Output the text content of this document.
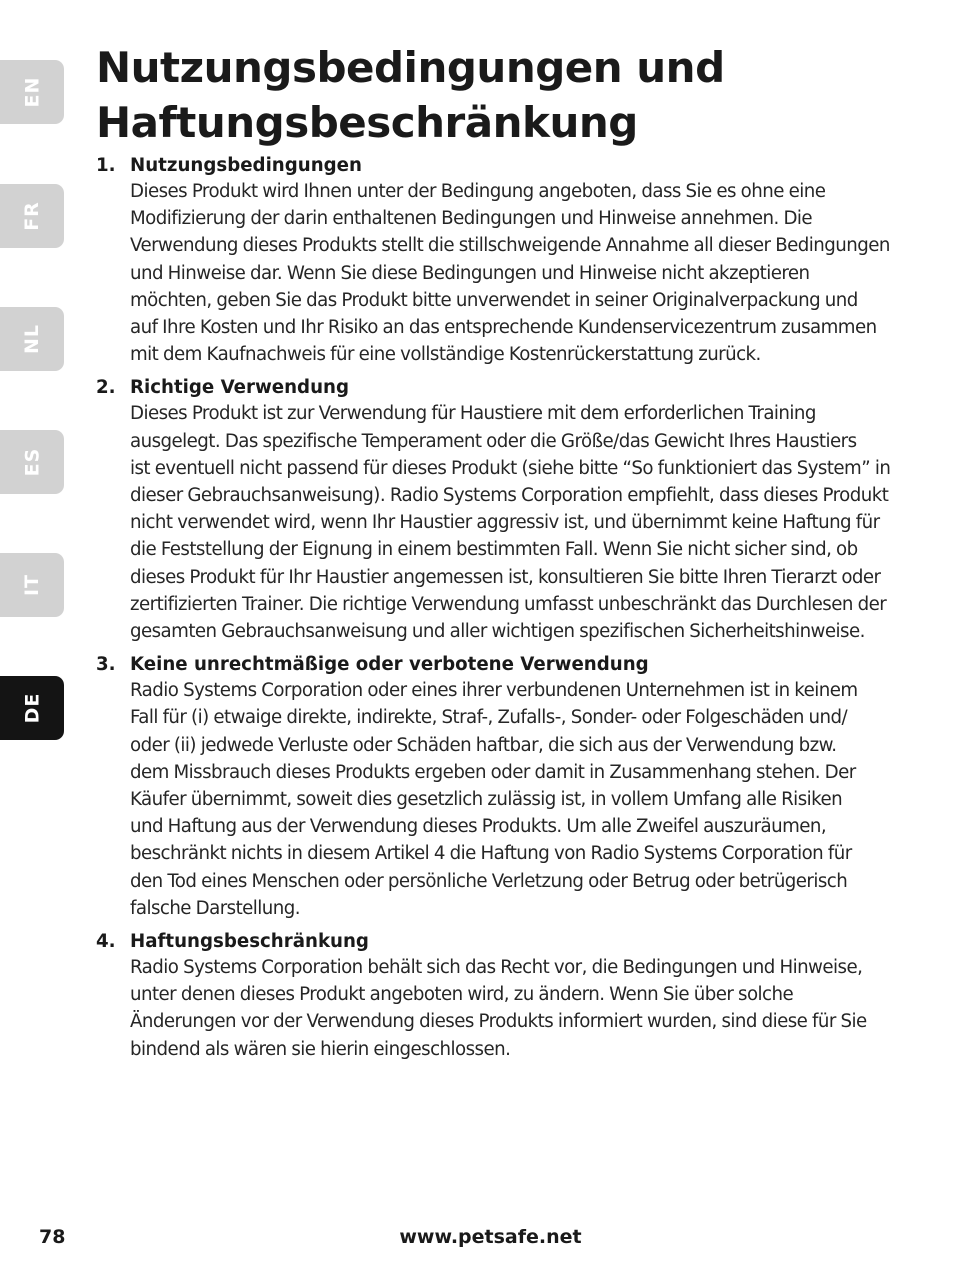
EN
FR
NL
ES
IT
DE
Nutzungsbedingungen und
Haftungsbeschränkung
1. Nutzungsbedingungen
Dieses Produkt wird Ihnen unter der Bedingung angeboten, dass Sie es ohne eine
Modifizierung der darin enthaltenen Bedingungen und Hinweise annehmen. Die
Verwendung dieses Produkts stellt die stillschweigende Annahme all dieser Bedingungen
und Hinweise dar. Wenn Sie diese Bedingungen und Hinweise nicht akzeptieren
möchten, geben Sie das Produkt bitte unverwendet in seiner Originalverpackung und
auf Ihre Kosten und Ihr Risiko an das entsprechende Kundenservicezentrum zusammen
mit dem Kaufnachweis für eine vollständige Kostenrückerstattung zurück.
2. Richtige Verwendung
Dieses Produkt ist zur Verwendung für Haustiere mit dem erforderlichen Training
ausgelegt. Das spezifische Temperament oder die Größe/das Gewicht Ihres Haustiers
ist eventuell nicht passend für dieses Produkt (siehe bitte “So funktioniert das System” in
dieser Gebrauchsanweisung). Radio Systems Corporation empfiehlt, dass dieses Produkt
nicht verwendet wird, wenn Ihr Haustier aggressiv ist, und übernimmt keine Haftung für
die Feststellung der Eignung in einem bestimmten Fall. Wenn Sie nicht sicher sind, ob
dieses Produkt für Ihr Haustier angemessen ist, konsultieren Sie bitte Ihren Tierarzt oder
zertifizierten Trainer. Die richtige Verwendung umfasst unbeschränkt das Durchlesen der
gesamten Gebrauchsanweisung und aller wichtigen spezifischen Sicherheitshinweise.
3. Keine unrechtmäßige oder verbotene Verwendung
Radio Systems Corporation oder eines ihrer verbundenen Unternehmen ist in keinem
Fall für (i) etwaige direkte, indirekte, Straf-, Zufalls-, Sonder- oder Folgeschäden und/
oder (ii) jedwede Verluste oder Schäden haftbar, die sich aus der Verwendung bzw.
dem Missbrauch dieses Produkts ergeben oder damit in Zusammenhang stehen. Der
Käufer übernimmt, soweit dies gesetzlich zulässig ist, in vollem Umfang alle Risiken
und Haftung aus der Verwendung dieses Produkts. Um alle Zweifel auszuräumen,
beschränkt nichts in diesem Artikel 4 die Haftung von Radio Systems Corporation für
den Tod eines Menschen oder persönliche Verletzung oder Betrug oder betrügerisch
falsche Darstellung.
4. Haftungsbeschränkung
Radio Systems Corporation behält sich das Recht vor, die Bedingungen und Hinweise,
unter denen dieses Produkt angeboten wird, zu ändern. Wenn Sie über solche
Änderungen vor der Verwendung dieses Produkts informiert wurden, sind diese für Sie
bindend als wären sie hierin eingeschlossen.
78	www.petsafe.net
